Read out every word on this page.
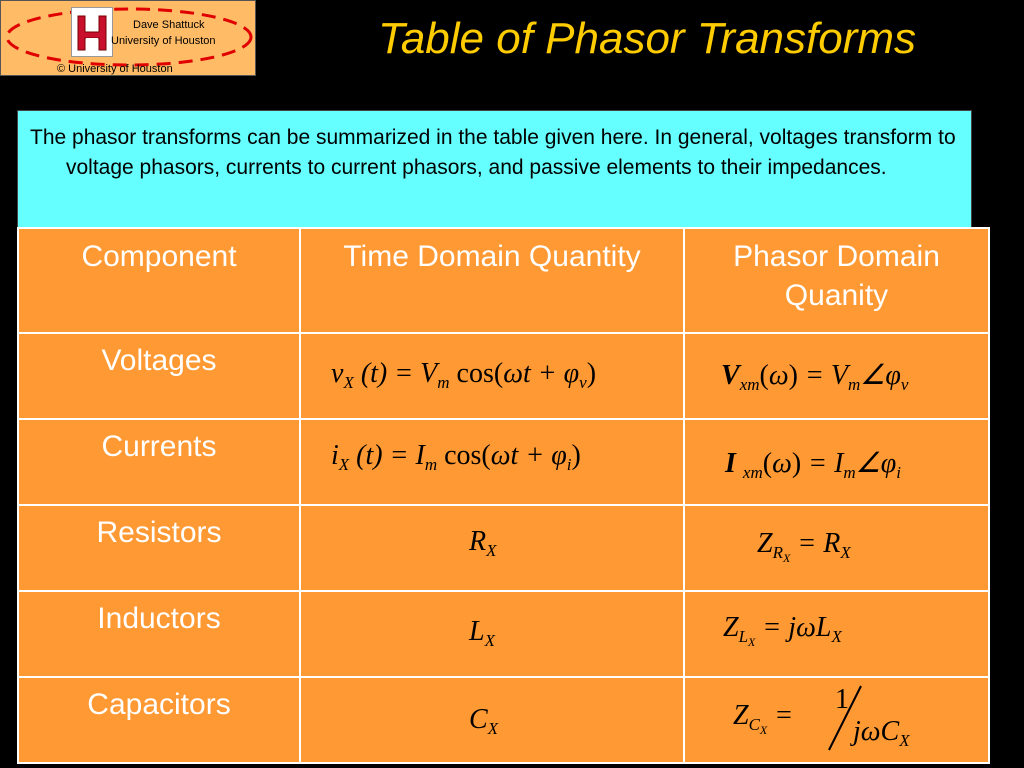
Dave Shattuck
University of Houston
© University of Houston
Table of Phasor Transforms

The phasor transforms can be summarized in the table given here. In general, voltages transform to voltage phasors, currents to current phasors, and passive elements to their impedances.

Component	Time Domain Quantity	Phasor Domain Quanity
Voltages	$v_X$ $(t) = V_m$ $\cos(\omega t + \varphi_v)$	$V_{xm}(\omega)$ = $V_m\angle\varphi_v$

Currents	$i_X$ $(t) = I_m$ $\cos(\omega t + \varphi_i)$	I $_{xm}(\omega) = I_m\angle\varphi_i$

Resistors	$R_X$	$Z_{R_X} = R_X$

Inductors	$L_X$	$Z_{L_X} = j\omega L_X$

Capacitors	$C_X$	$Z_{C_X}$ =
1
jωC$_X$
